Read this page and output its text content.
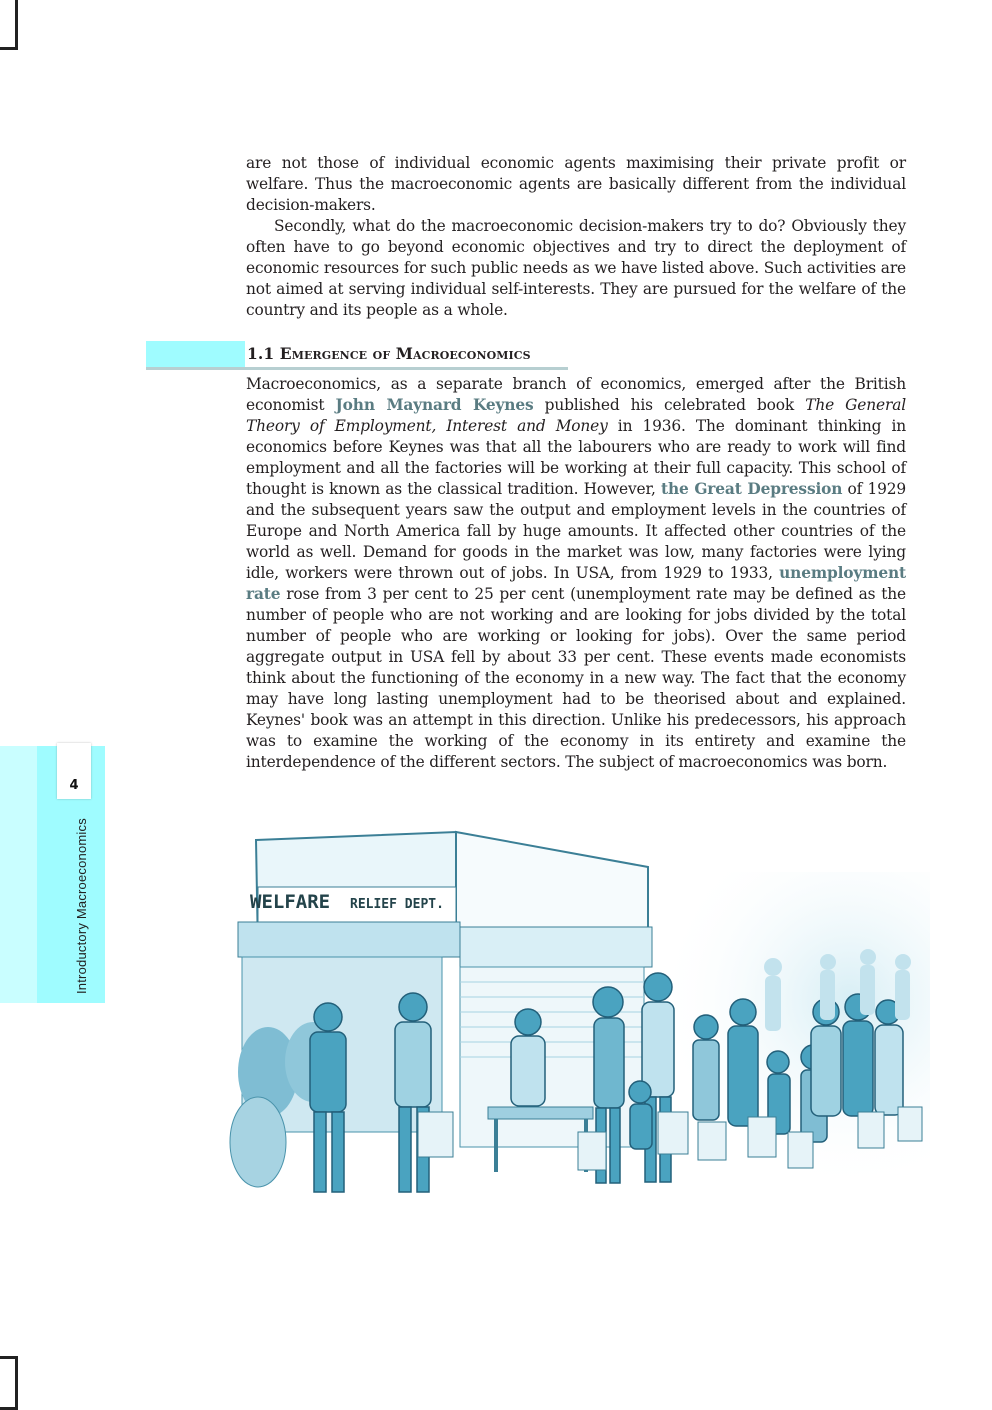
are not those of individual economic agents maximising their private profit or welfare. Thus the macroeconomic agents are basically different from the individual decision-makers.

Secondly, what do the macroeconomic decision-makers try to do? Obviously they often have to go beyond economic objectives and try to direct the deployment of economic resources for such public needs as we have listed above. Such activities are not aimed at serving individual self-interests. They are pursued for the welfare of the country and its people as a whole.

1.1 Emergence of Macroeconomics

Macroeconomics, as a separate branch of economics, emerged after the British economist John Maynard Keynes published his celebrated book The General Theory of Employment, Interest and Money in 1936. The dominant thinking in economics before Keynes was that all the labourers who are ready to work will find employment and all the factories will be working at their full capacity. This school of thought is known as the classical tradition. However, the Great Depression of 1929 and the subsequent years saw the output and employment levels in the countries of Europe and North America fall by huge amounts. It affected other countries of the world as well. Demand for goods in the market was low, many factories were lying idle, workers were thrown out of jobs. In USA, from 1929 to 1933, unemployment rate rose from 3 per cent to 25 per cent (unemployment rate may be defined as the number of people who are not working and are looking for jobs divided by the total number of people who are working or looking for jobs). Over the same period aggregate output in USA fell by about 33 per cent. These events made economists think about the functioning of the economy in a new way. The fact that the economy may have long lasting unemployment had to be theorised about and explained. Keynes' book was an attempt in this direction. Unlike his predecessors, his approach was to examine the working of the economy in its entirety and examine the interdependence of the different sectors. The subject of macroeconomics was born.

4
Introductory Macroeconomics	WELFARE RELIEF DEPT.
